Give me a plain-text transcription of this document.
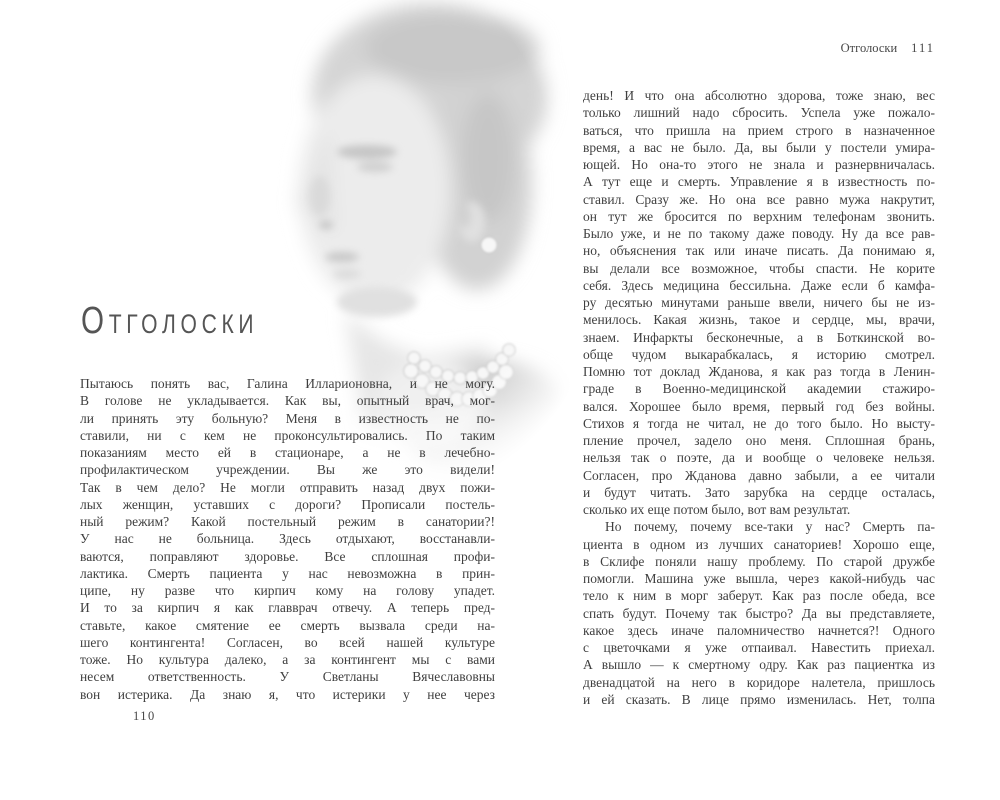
ОТГОЛОСКИ
Пытаюсь понять вас, Галина Илларионовна, и не могу.
В голове не укладывается. Как вы, опытный врач, мог-
ли принять эту больную? Меня в известность не по-
ставили, ни с кем не проконсультировались. По таким
показаниям место ей в стационаре, а не в лечебно-
профилактическом учреждении. Вы же это видели!
Так в чем дело? Не могли отправить назад двух пожи-
лых женщин, уставших с дороги? Прописали постель-
ный режим? Какой постельный режим в санатории?!
У нас не больница. Здесь отдыхают, восстанавли-
ваются, поправляют здоровье. Все сплошная профи-
лактика. Смерть пациента у нас невозможна в прин-
ципе, ну разве что кирпич кому на голову упадет.
И то за кирпич я как главврач отвечу. А теперь пред-
ставьте, какое смятение ее смерть вызвала среди на-
шего контингента! Согласен, во всей нашей культуре
тоже. Но культура далеко, а за контингент мы с вами
несем ответственность. У Светланы Вячеславовны
вон истерика. Да знаю я, что истерики у нее через
110
Отголоски 111
день! И что она абсолютно здорова, тоже знаю, вес
только лишний надо сбросить. Успела уже пожало-
ваться, что пришла на прием строго в назначенное
время, а вас не было. Да, вы были у постели умира-
ющей. Но она-то этого не знала и разнервничалась.
А тут еще и смерть. Управление я в известность по-
ставил. Сразу же. Но она все равно мужа накрутит,
он тут же бросится по верхним телефонам звонить.
Было уже, и не по такому даже поводу. Ну да все рав-
но, объяснения так или иначе писать. Да понимаю я,
вы делали все возможное, чтобы спасти. Не корите
себя. Здесь медицина бессильна. Даже если б камфа-
ру десятью минутами раньше ввели, ничего бы не из-
менилось. Какая жизнь, такое и сердце, мы, врачи,
знаем. Инфаркты бесконечные, а в Боткинской во-
обще чудом выкарабкалась, я историю смотрел.
Помню тот доклад Жданова, я как раз тогда в Ленин-
граде в Военно-медицинской академии стажиро-
вался. Хорошее было время, первый год без войны.
Стихов я тогда не читал, не до того было. Но высту-
пление прочел, задело оно меня. Сплошная брань,
нельзя так о поэте, да и вообще о человеке нельзя.
Согласен, про Жданова давно забыли, а ее читали
и будут читать. Зато зарубка на сердце осталась,
сколько их еще потом было, вот вам результат.
Но почему, почему все-таки у нас? Смерть па-
циента в одном из лучших санаториев! Хорошо еще,
в Склифе поняли нашу проблему. По старой дружбе
помогли. Машина уже вышла, через какой-нибудь час
тело к ним в морг заберут. Как раз после обеда, все
спать будут. Почему так быстро? Да вы представляете,
какое здесь иначе паломничество начнется?! Одного
с цветочками я уже отпаивал. Навестить приехал.
А вышло — к смертному одру. Как раз пациентка из
двенадцатой на него в коридоре налетела, пришлось
и ей сказать. В лице прямо изменилась. Нет, толпа
